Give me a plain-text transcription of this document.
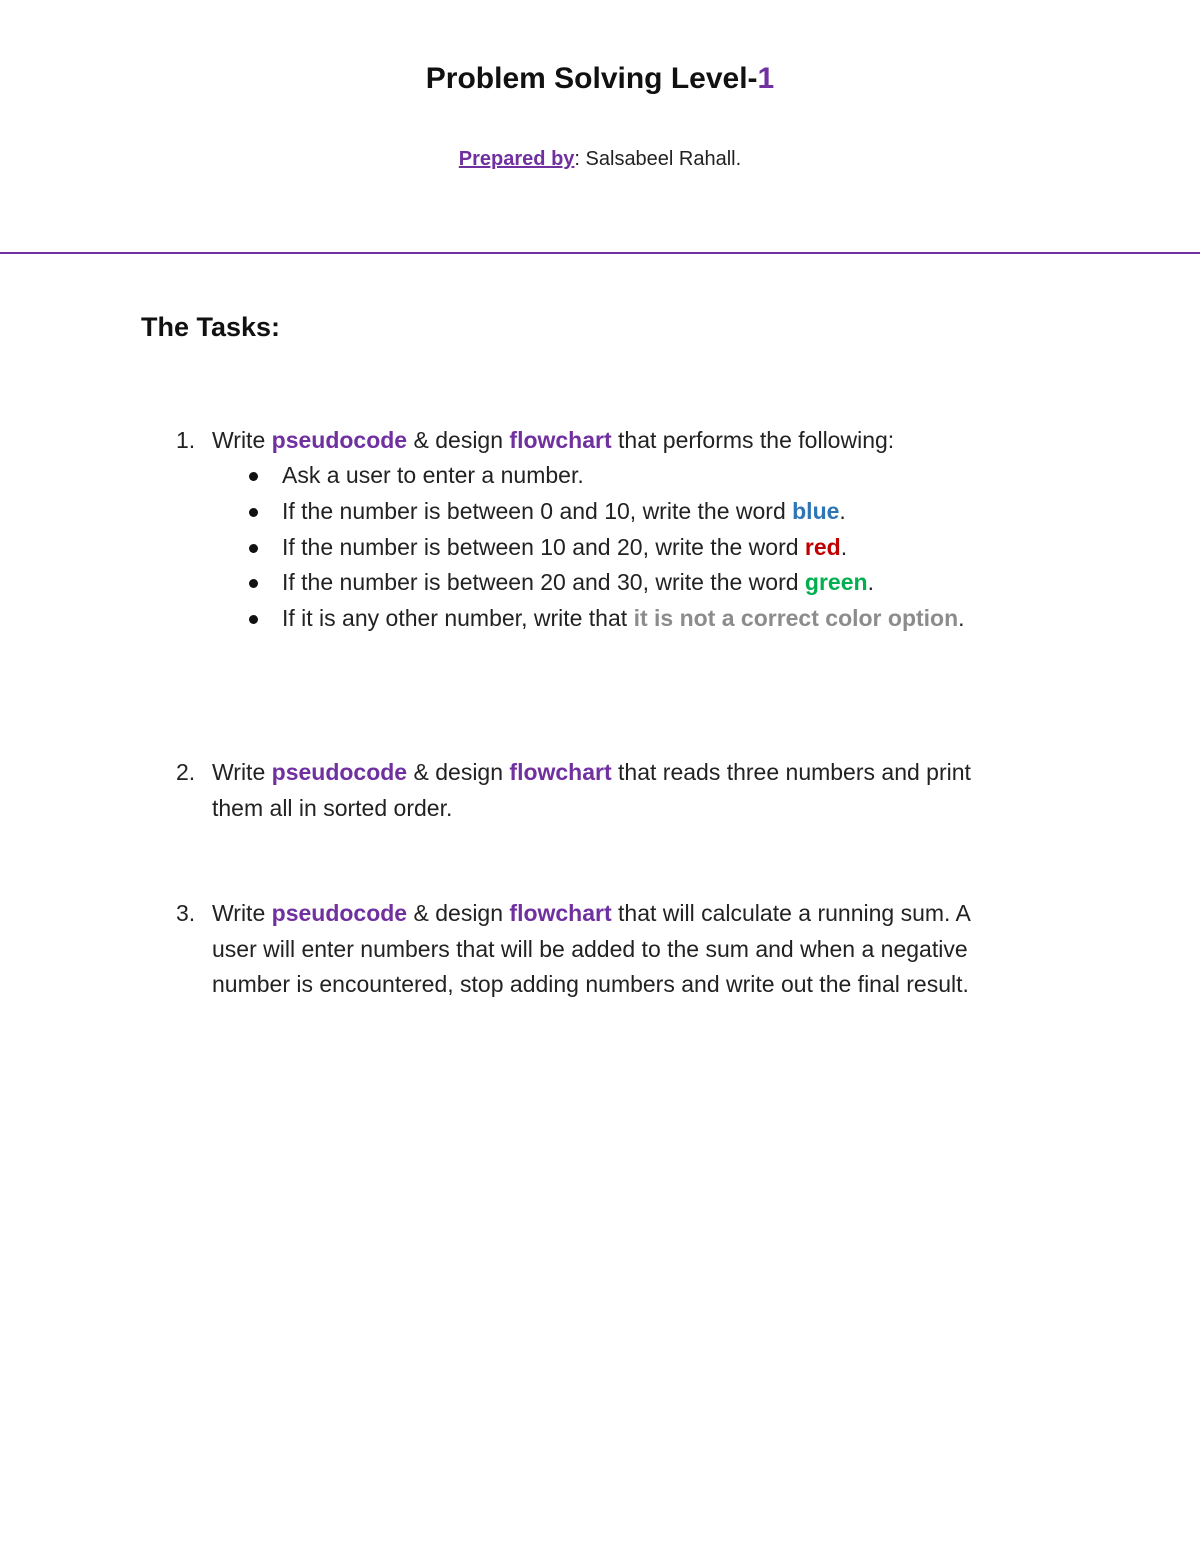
Problem Solving Level-1
Prepared by: Salsabeel Rahall.
The Tasks:
1. Write pseudocode & design flowchart that performs the following:
Ask a user to enter a number.
If the number is between 0 and 10, write the word blue.
If the number is between 10 and 20, write the word red.
If the number is between 20 and 30, write the word green.
If it is any other number, write that it is not a correct color option.
2. Write pseudocode & design flowchart that reads three numbers and print
them all in sorted order.
3. Write pseudocode & design flowchart that will calculate a running sum. A
user will enter numbers that will be added to the sum and when a negative
number is encountered, stop adding numbers and write out the final result.
